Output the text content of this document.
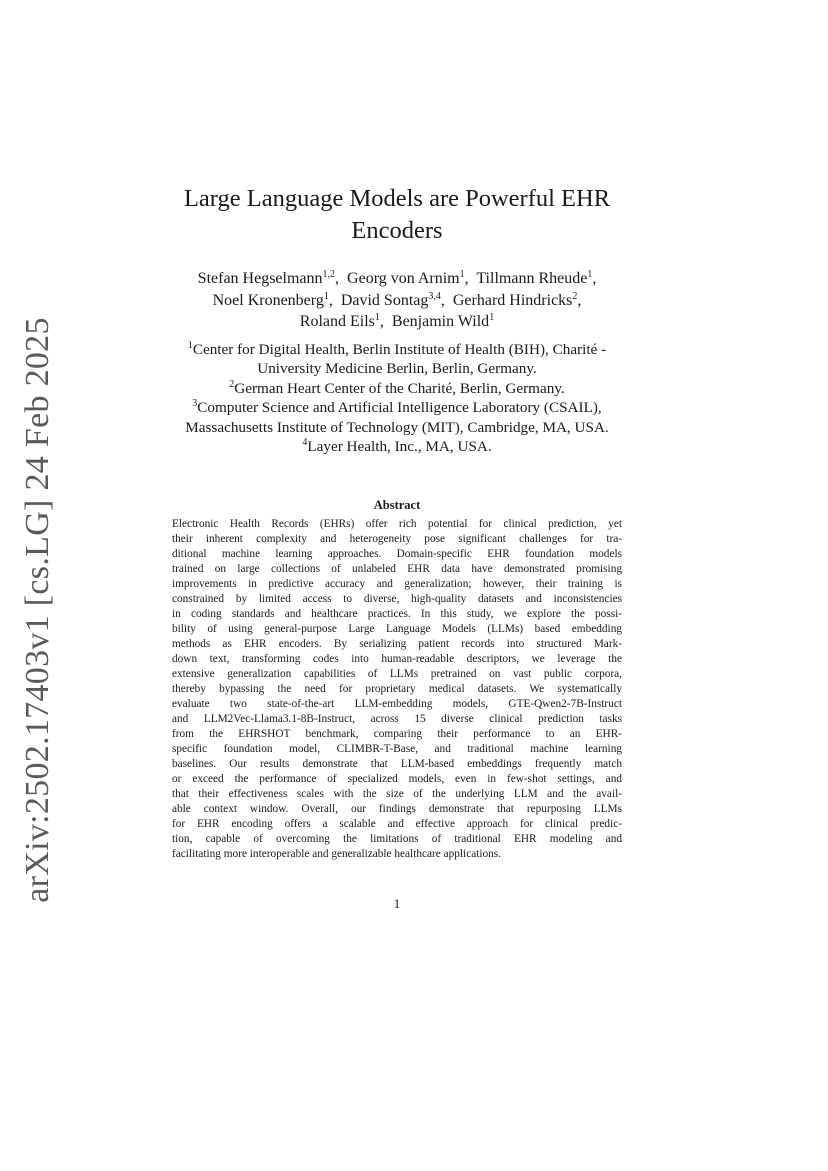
arXiv:2502.17403v1 [cs.LG] 24 Feb 2025
Large Language Models are Powerful EHR
Encoders
Stefan Hegselmann$^{1,2}$,  Georg von Arnim$^1$,  Tillmann Rheude$^1$,
Noel Kronenberg$^1$,  David Sontag$^{3,4}$,  Gerhard Hindricks$^2$,
Roland Eils$^1$,  Benjamin Wild$^1$
$^1$Center for Digital Health, Berlin Institute of Health (BIH), Charité -
University Medicine Berlin, Berlin, Germany.
$^2$German Heart Center of the Charité, Berlin, Germany.
$^3$Computer Science and Artificial Intelligence Laboratory (CSAIL),
Massachusetts Institute of Technology (MIT), Cambridge, MA, USA.
$^4$Layer Health, Inc., MA, USA.
Abstract
Electronic Health Records (EHRs) offer rich potential for clinical prediction, yet
their inherent complexity and heterogeneity pose significant challenges for tra-
ditional machine learning approaches. Domain-specific EHR foundation models
trained on large collections of unlabeled EHR data have demonstrated promising
improvements in predictive accuracy and generalization; however, their training is
constrained by limited access to diverse, high-quality datasets and inconsistencies
in coding standards and healthcare practices. In this study, we explore the possi-
bility of using general-purpose Large Language Models (LLMs) based embedding
methods as EHR encoders. By serializing patient records into structured Mark-
down text, transforming codes into human-readable descriptors, we leverage the
extensive generalization capabilities of LLMs pretrained on vast public corpora,
thereby bypassing the need for proprietary medical datasets. We systematically
evaluate two state-of-the-art LLM-embedding models, GTE-Qwen2-7B-Instruct
and LLM2Vec-Llama3.1-8B-Instruct, across 15 diverse clinical prediction tasks
from the EHRSHOT benchmark, comparing their performance to an EHR-
specific foundation model, CLIMBR-T-Base, and traditional machine learning
baselines. Our results demonstrate that LLM-based embeddings frequently match
or exceed the performance of specialized models, even in few-shot settings, and
that their effectiveness scales with the size of the underlying LLM and the avail-
able context window. Overall, our findings demonstrate that repurposing LLMs
for EHR encoding offers a scalable and effective approach for clinical predic-
tion, capable of overcoming the limitations of traditional EHR modeling and
facilitating more interoperable and generalizable healthcare applications.
1
